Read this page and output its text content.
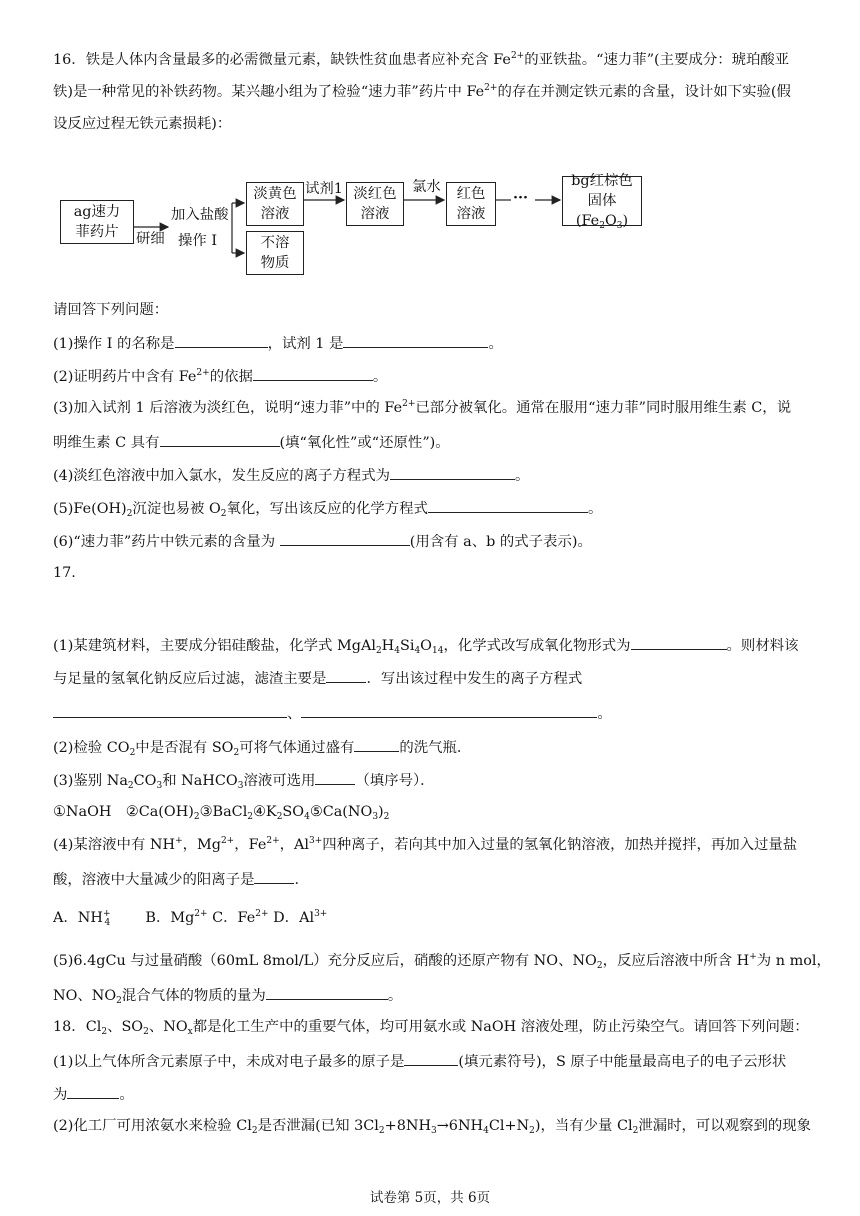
16．铁是人体内含量最多的必需微量元素，缺铁性贫血患者应补充含 $Fe^{2+}$的亚铁盐。“速力菲”(主要成分：琥珀酸亚
铁)是一种常见的补铁药物。某兴趣小组为了检验“速力菲”药片中 $Fe^{2+}$的存在并测定铁元素的含量，设计如下实验(假
设反应过程无铁元素损耗)：
ag速力菲药片
淡黄色溶液
不溶物质
淡红色溶液
红色溶液
bg红棕色
固体$(Fe_2O_3)$
研细
加入盐酸
操作 I
试剂1	氯水
···
请回答下列问题：
(1)操作 I 的名称是	，试剂 1 是	。
(2)证明药片中含有 $Fe^{2+}$的依据	。
(3)加入试剂 1 后溶液为淡红色，说明“速力菲”中的 $Fe^{2+}$已部分被氧化。通常在服用“速力菲”同时服用维生素 C，说
明维生素 C 具有	(填“氧化性”或“还原性”)。
(4)淡红色溶液中加入氯水，发生反应的离子方程式为	。
$(5)Fe(OH)_2$沉淀也易被 $O_2$氧化，写出该反应的化学方程式	。
(6)“速力菲”药片中铁元素的含量为	(用含有 a、b 的式子表示)。
17.
(1)某建筑材料，主要成分铝硅酸盐，化学式 $MgAl_2H_4Si_4O_{14}$，化学式改写成氧化物形式为	。则材料该
与足量的氢氧化钠反应后过滤，滤渣主要是	．写出该过程中发生的离子方程式
、	。
(2)检验 $CO_2$中是否混有 $SO_2$可将气体通过盛有	的洗气瓶．
(3)鉴别 $Na_2CO_3$和 NaHCO$_3$溶液可选用	（填序号）．
①NaOH　$②Ca(OH)_2③BaCl_2④K_2SO_4⑤Ca(NO_3)_2$
(4)某溶液中有 NH+，$Mg^{2+}$，$Fe^{2+}$，$Al^{3+}$四种离子，若向其中加入过量的氢氧化钠溶液，加热并搅拌，再加入过量盐
酸，溶液中大量减少的阳离子是	．
A．$NH^+_4$ B．$Mg^{2+}$ C．$Fe^{2+}$ D．$Al^{3+}$
(5)6.4gCu 与过量硝酸（60mL 8mol/L）充分反应后，硝酸的还原产物有 NO、$NO_2$，反应后溶液中所含 H+为 n mol，
NO、$NO_2$混合气体的物质的量为	。
18．$Cl_2$、$SO_2$、$NO_x$都是化工生产中的重要气体，均可用氨水或 NaOH 溶液处理，防止污染空气。请回答下列问题：
(1)以上气体所含元素原子中，未成对电子最多的原子是	(填元素符号)，S 原子中能量最高电子的电子云形状
为	。
(2)化工厂可用浓氨水来检验 $Cl_2$是否泄漏(已知 $3Cl_2+8NH_3\to 6NH_4Cl+N_2$)，当有少量 $Cl_2$泄漏时，可以观察到的现象
试卷第 5页，共 6页
